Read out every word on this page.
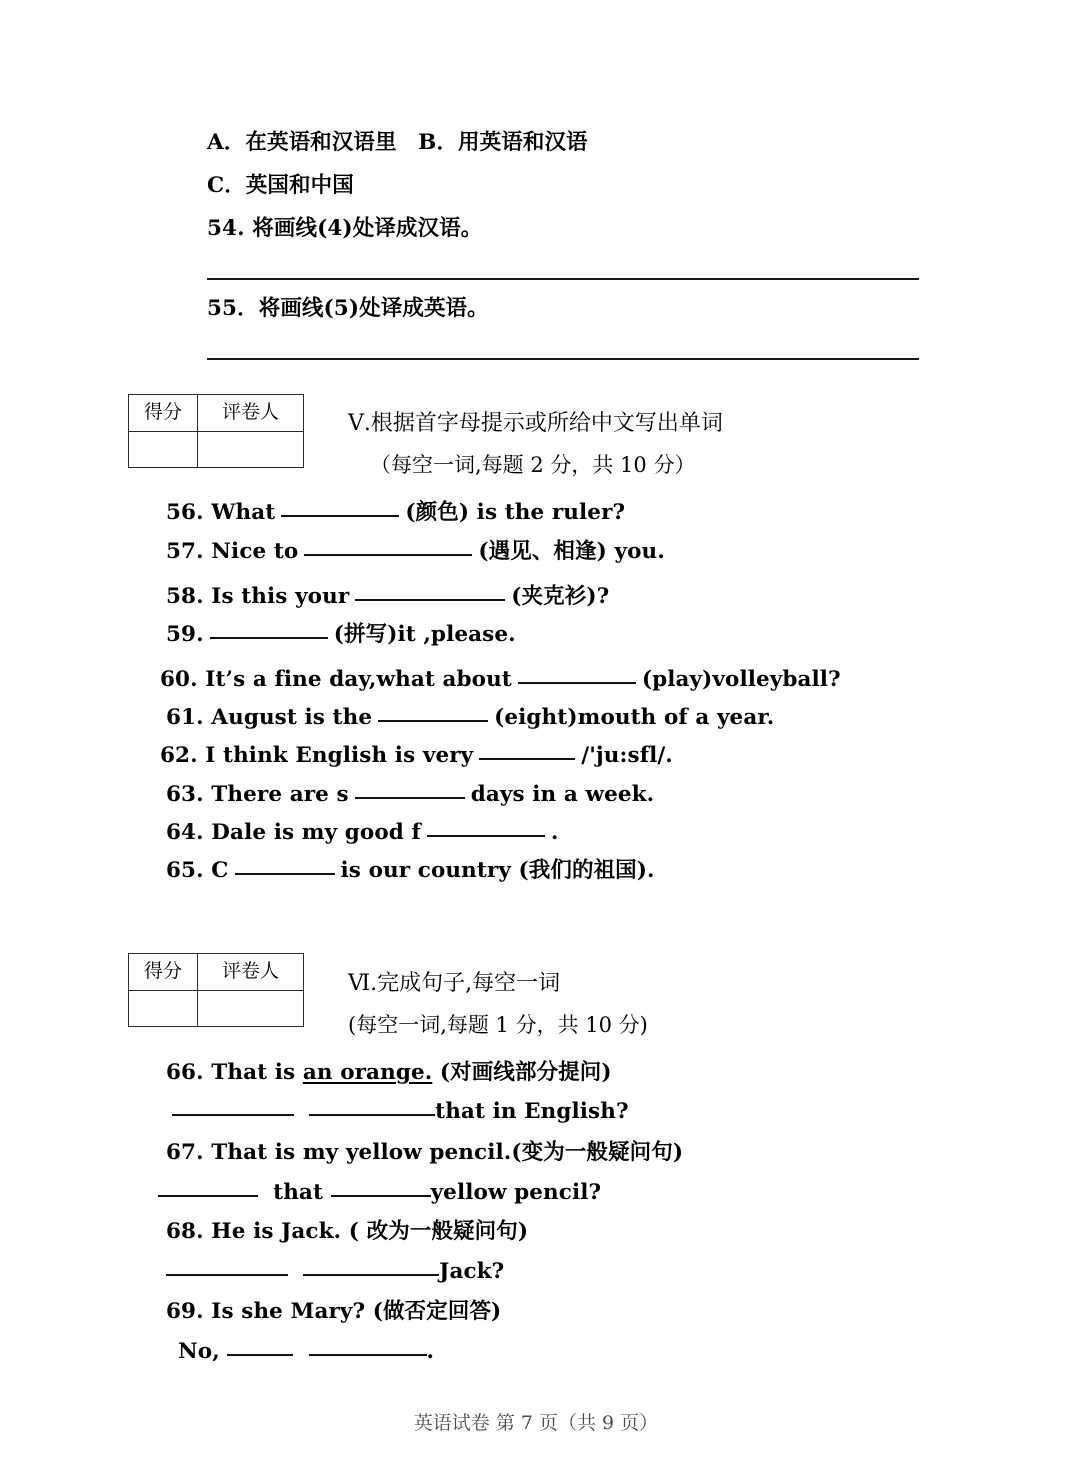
A．在英语和汉语里　B．用英语和汉语
C．英国和中国
54. 将画线(4)处译成汉语。
55．将画线(5)处译成英语。
得分	评卷人	Ⅴ.根据首字母提示或所给中文写出单词
（每空一词,每题 2 分，共 10 分）
56. What	(颜色) is the ruler?
57. Nice to	(遇见、相逢) you.
58. Is this your	(夹克衫)?
59.	(拼写)it ,please.
60. It’s a fine day,what about	(play)volleyball?
61. August is the	(eight)mouth of a year.
62. I think English is very	/'ju:sfl/.
63. There are s	days in a week.
64. Dale is my good f	.
65. C	is our country (我们的祖国).
得分	评卷人	Ⅵ.完成句子,每空一词
(每空一词,每题 1 分，共 10 分)
66. That is an orange. (对画线部分提问)
that in English?
67. That is my yellow pencil.(变为一般疑问句)
that	yellow pencil?
68. He is Jack. ( 改为一般疑问句)
Jack?
69. Is she Mary? (做否定回答)
No,	.
英语试卷 第 7 页（共 9 页）
